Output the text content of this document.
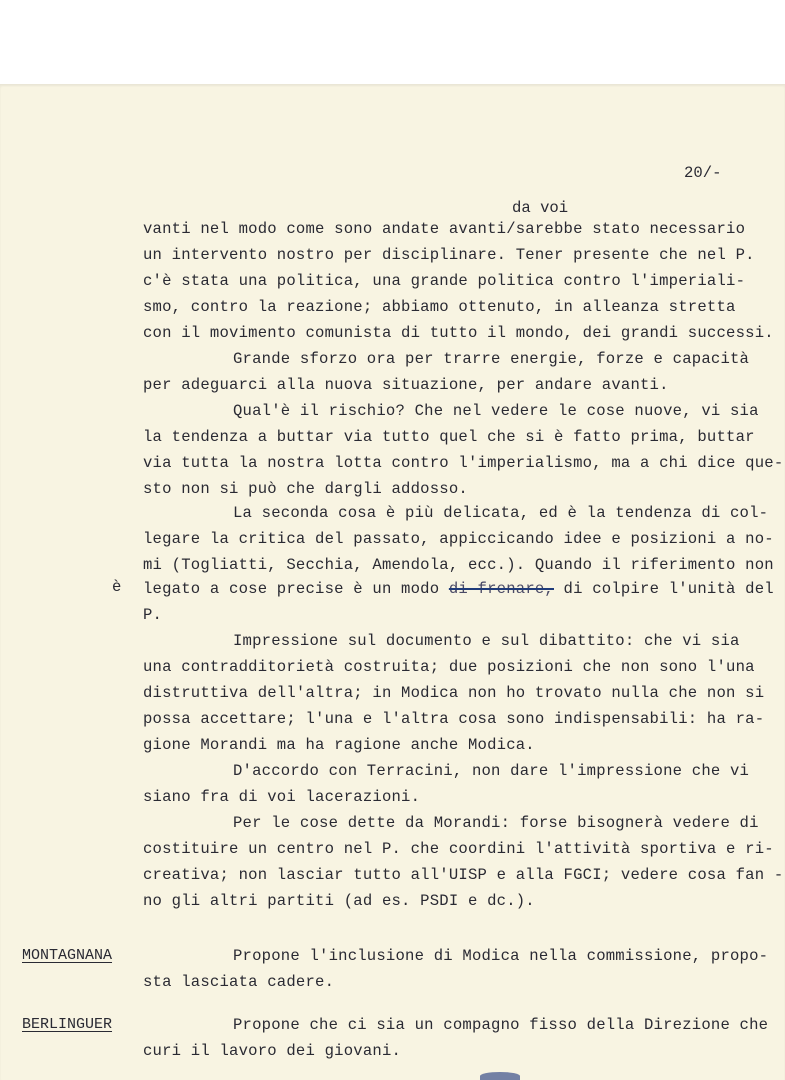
20/-
da voi
vanti nel modo come sono andate avanti/sarebbe stato necessario
un intervento nostro per disciplinare. Tener presente che nel P.
c'è stata una politica, una grande politica contro l'imperiali-
smo, contro la reazione; abbiamo ottenuto, in alleanza stretta
con il movimento comunista di tutto il mondo, dei grandi successi.
Grande sforzo ora per trarre energie, forze e capacità
per adeguarci alla nuova situazione, per andare avanti.
Qual'è il rischio? Che nel vedere le cose nuove, vi sia
la tendenza a buttar via tutto quel che si è fatto prima, buttar
via tutta la nostra lotta contro l'imperialismo, ma a chi dice que-
sto non si può che dargli addosso.
La seconda cosa è più delicata, ed è la tendenza di col-
legare la critica del passato, appiccicando idee e posizioni a no-
mi (Togliatti, Secchia, Amendola, ecc.). Quando il riferimento non
è legato a cose precise è un modo di frenare, di colpire l'unità del
P.
Impressione sul documento e sul dibattito: che vi sia
una contradditorietà costruita; due posizioni che non sono l'una
distruttiva dell'altra; in Modica non ho trovato nulla che non si
possa accettare; l'una e l'altra cosa sono indispensabili: ha ra-
gione Morandi ma ha ragione anche Modica.
D'accordo con Terracini, non dare l'impressione che vi
siano fra di voi lacerazioni.
Per le cose dette da Morandi: forse bisognerà vedere di
costituire un centro nel P. che coordini l'attività sportiva e ri-
creativa; non lasciar tutto all'UISP e alla FGCI; vedere cosa fan -
no gli altri partiti (ad es. PSDI e dc.).
MONTAGNANA	Propone l'inclusione di Modica nella commissione, propo-
sta lasciata cadere.
BERLINGUER	Propone che ci sia un compagno fisso della Direzione che
curi il lavoro dei giovani.
